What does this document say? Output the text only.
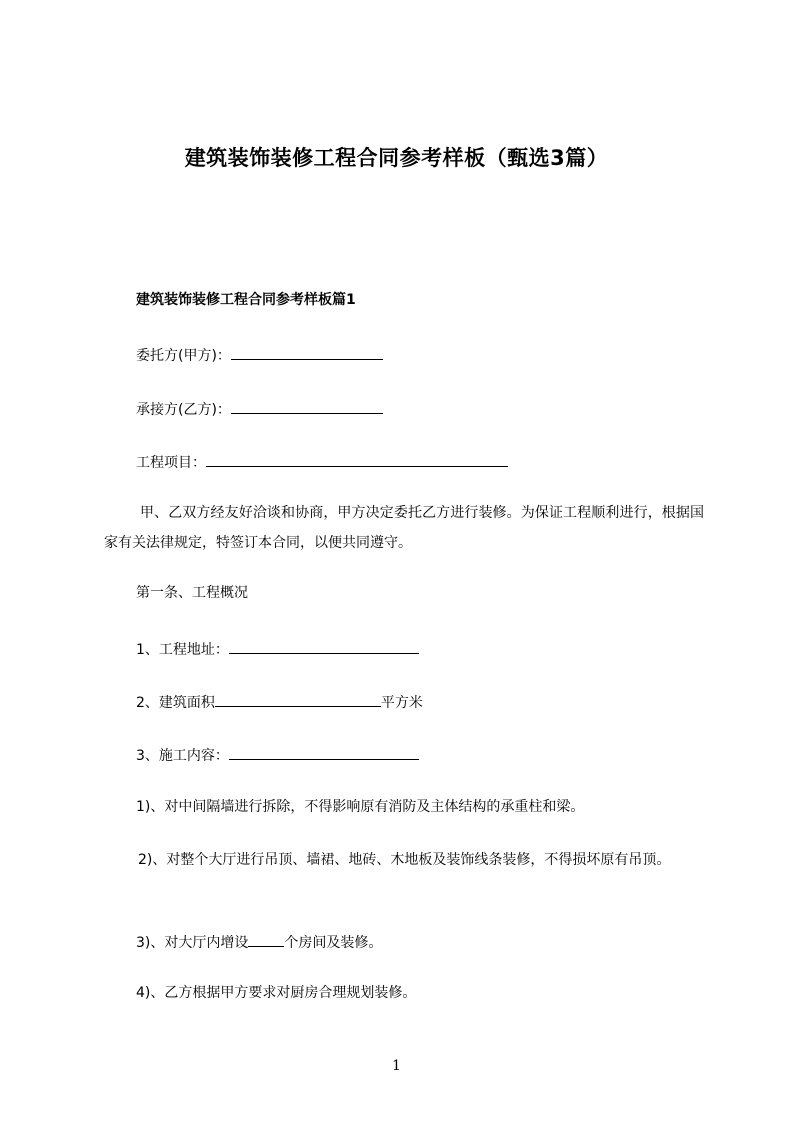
建筑装饰装修工程合同参考样板（甄选3篇）
建筑装饰装修工程合同参考样板篇1
委托方(甲方)：
承接方(乙方)：
工程项目：
甲、乙双方经友好洽谈和协商，甲方决定委托乙方进行装修。为保证工程顺利进行，根据国家有关法律规定，特签订本合同，以便共同遵守。
第一条、工程概况
1、工程地址：
2、建筑面积	平方米
3、施工内容：
1)、对中间隔墙进行拆除，不得影响原有消防及主体结构的承重柱和梁。
2)、对整个大厅进行吊顶、墙裙、地砖、木地板及装饰线条装修，不得损坏原有吊顶。
3)、对大厅内增设	个房间及装修。
4)、乙方根据甲方要求对厨房合理规划装修。
1
